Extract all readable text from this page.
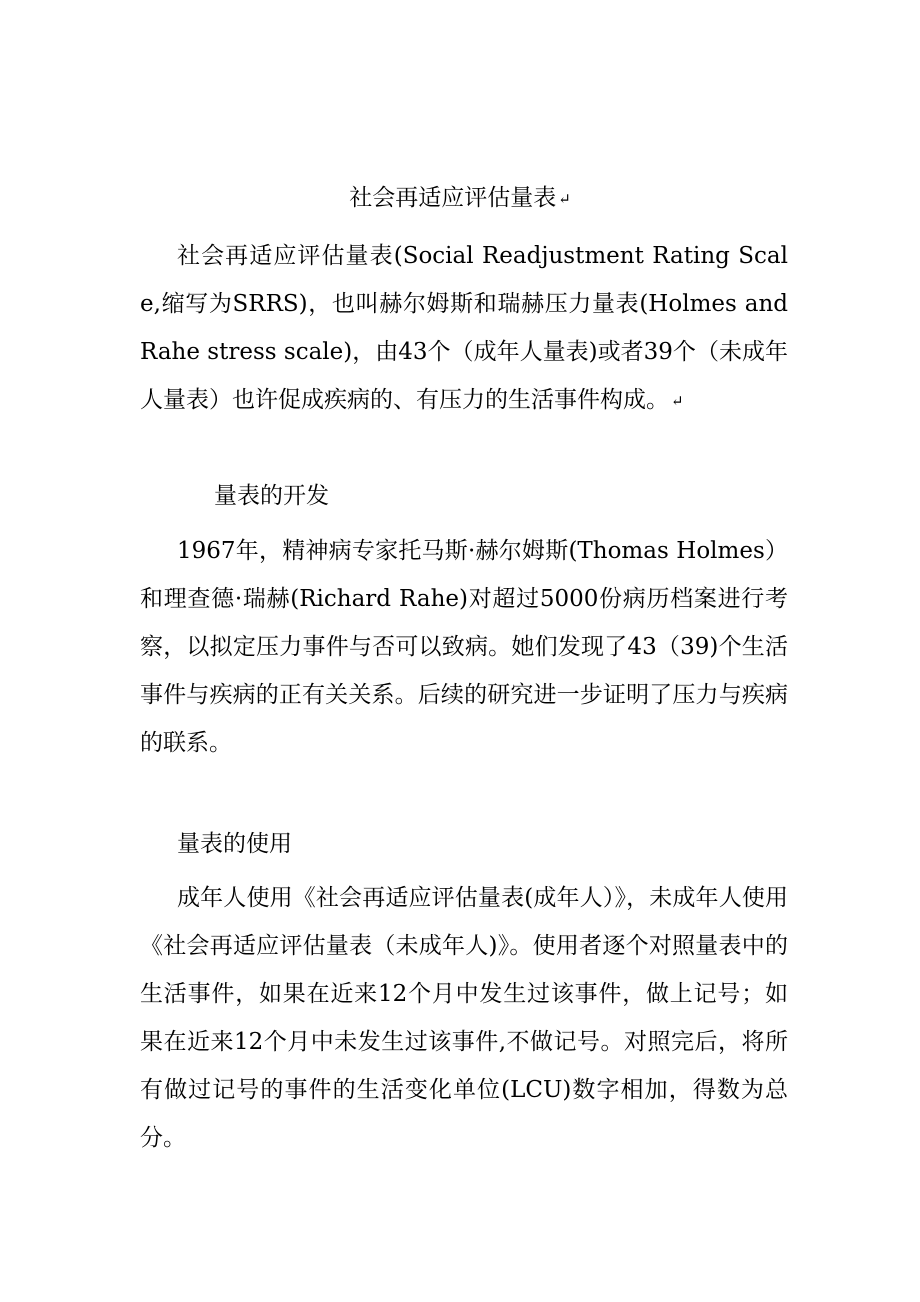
社会再适应评估量表 ↵

社会再适应评估量表(Social Readjustment Rating Scale,缩写为SRRS)，也叫赫尔姆斯和瑞赫压力量表(Holmes and Rahe stress scale)，由43个（成年人量表)或者39个（未成年人量表）也许促成疾病的、有压力的生活事件构成。 ↵

量表的开发

1967年，精神病专家托马斯·赫尔姆斯(Thomas Holmes）和理查德·瑞赫(Richard Rahe)对超过5000份病历档案进行考察，以拟定压力事件与否可以致病。她们发现了43（39)个生活事件与疾病的正有关关系。后续的研究进一步证明了压力与疾病的联系。

量表的使用

成年人使用《社会再适应评估量表(成年人）》，未成年人使用《社会再适应评估量表（未成年人)》。使用者逐个对照量表中的生活事件，如果在近来12个月中发生过该事件，做上记号；如果在近来12个月中未发生过该事件,不做记号。对照完后，将所有做过记号的事件的生活变化单位(LCU)数字相加，得数为总分。
